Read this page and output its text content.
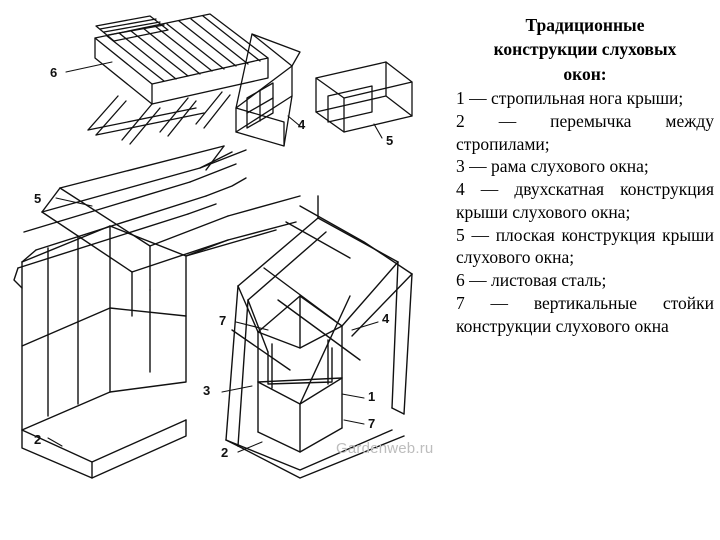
6
4
5
5
7	4
3	1
2
7
2
Gardenweb.ru
Традиционные
конструкции слуховых
окон:

1 — стропильная нога крыши;

2 — перемычка между стропилами;

3 — рама слухового окна;

4 — двухскатная конструкция крыши слухового окна;

5 — плоская конструкция крыши слухового окна;

6 — листовая сталь;

7 — вертикальные стойки конструкции слухового окна
